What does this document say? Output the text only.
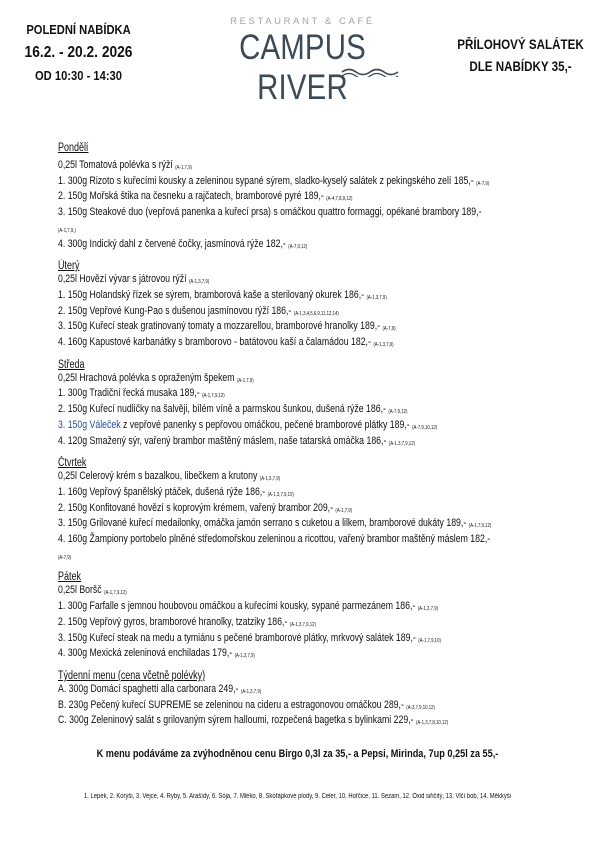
POLEDNÍ NABÍDKA
16.2. - 20.2. 2026
OD 10:30 - 14:30
RESTAURANT & CAFÉ
CAMPUS RIVER
PŘÍLOHOVÝ SALÁTEK
DLE NABÍDKY 35,-
Pondělí
0,25l Tomatová polévka s rýží (A-1,7,9)
1. 300g Rizoto s kuřecími kousky a zeleninou sypané sýrem, sladko-kyselý salátek z pekingského zelí 185,- (A-7,9)
2. 150g Mořská štika na česneku a rajčatech, bramborové pyré 189,- (A-4,7,8,9,12)
3. 150g Steakové duo (vepřová panenka a kuřecí prsa) s omáčkou quattro formaggi, opékané brambory 189,-
(A-1,7,9,)
4. 300g Indický dahl z červené čočky, jasmínová rýže 182,- (A-7,9,12)
Úterý
0,25l Hovězí vývar s játrovou rýží (A-1,3,7,9)
1. 150g Holandský řízek se sýrem, bramborová kaše a sterilovaný okurek 186,- (A-1,3,7,9)
2. 150g Vepřové Kung-Pao s dušenou jasmínovou rýží 186,- (A-1,3,4,5,6,9,11,12,14)
3. 150g Kuřecí steak gratinovaný tomaty a mozzarellou, bramborové hranolky 189,- (A-7,9)
4. 160g Kapustové karbanátky s bramborovo - batátovou kaší a čalamádou 182,- (A-1,3,7,9)
Středa
0,25l Hrachová polévka s opraženým špekem (A-1,7,9)
1. 300g Tradiční řecká musaka 189,- (A-1,7,9,12)
2. 150g Kuřecí nudličky na šalvěji, bílém víně a parmskou šunkou, dušená rýže 186,- (A-7,9,12)
3. 150g Váleček z vepřové panenky s pepřovou omáčkou, pečené bramborové plátky 189,- (A-7,9,10,12)
4. 120g Smažený sýr, vařený brambor maštěný máslem, naše tatarská omáčka 186,- (A-1,3,7,9,12)
Čtvrtek
0,25l Celerový krém s bazalkou, libečkem a krutony (A-1,3,7,9)
1. 160g Vepřový španělský ptáček, dušená rýže 186,- (A-1,3,7,9,10)
2. 150g Konfitované hovězí s koprovým krémem, vařený brambor 209,- (A-1,7,9)
3. 150g Grilované kuřecí medailonky, omáčka jamón serrano s cuketou a lilkem, bramborové dukáty 189,- (A-1,7,9,12)
4. 160g Žampiony portobelo plněné středomořskou zeleninou a ricottou, vařený brambor maštěný máslem 182,-
(A-7,9)
Pátek
0,25l Boršč (A-1,7,9,12)
1. 300g Farfalle s jemnou houbovou omáčkou a kuřecími kousky, sypané parmezánem 186,- (A-1,3,7,9)
2. 150g Vepřový gyros, bramborové hranolky, tzatziky 186,- (A-1,3,7,9,12)
3. 150g Kuřecí steak na medu a tymiánu s pečené bramborové plátky, mrkvový salátek 189,- (A-1,7,9,10)
4. 300g Mexická zeleninová enchiladas 179,- (A-1,3,7,9)
Týdenní menu (cena včetně polévky)
A. 300g Domácí spaghetti alla carbonara 249,- (A-1,3,7,9)
B. 230g Pečený kuřecí SUPREME se zeleninou na cideru a estragonovou omáčkou 289,- (A-3,7,9,10,12)
C. 300g Zeleninový salát s grilovaným sýrem halloumi, rozpečená bagetka s bylinkami 229,- (A-1,3,7,8,10,12)
K menu podáváme za zvýhodněnou cenu Birgo 0,3l za 35,- a Pepsi, Mirinda, 7up 0,25l za 55,-
1. Lepek, 2. Korýši, 3. Vejce, 4. Ryby, 5. Arašídy, 6. Sója, 7. Mléko, 8. Skořápkové plody, 9. Celer, 10. Hořčice, 11. Sezam, 12. Oxid siřičitý, 13. Vlčí bob, 14. Měkkýši
